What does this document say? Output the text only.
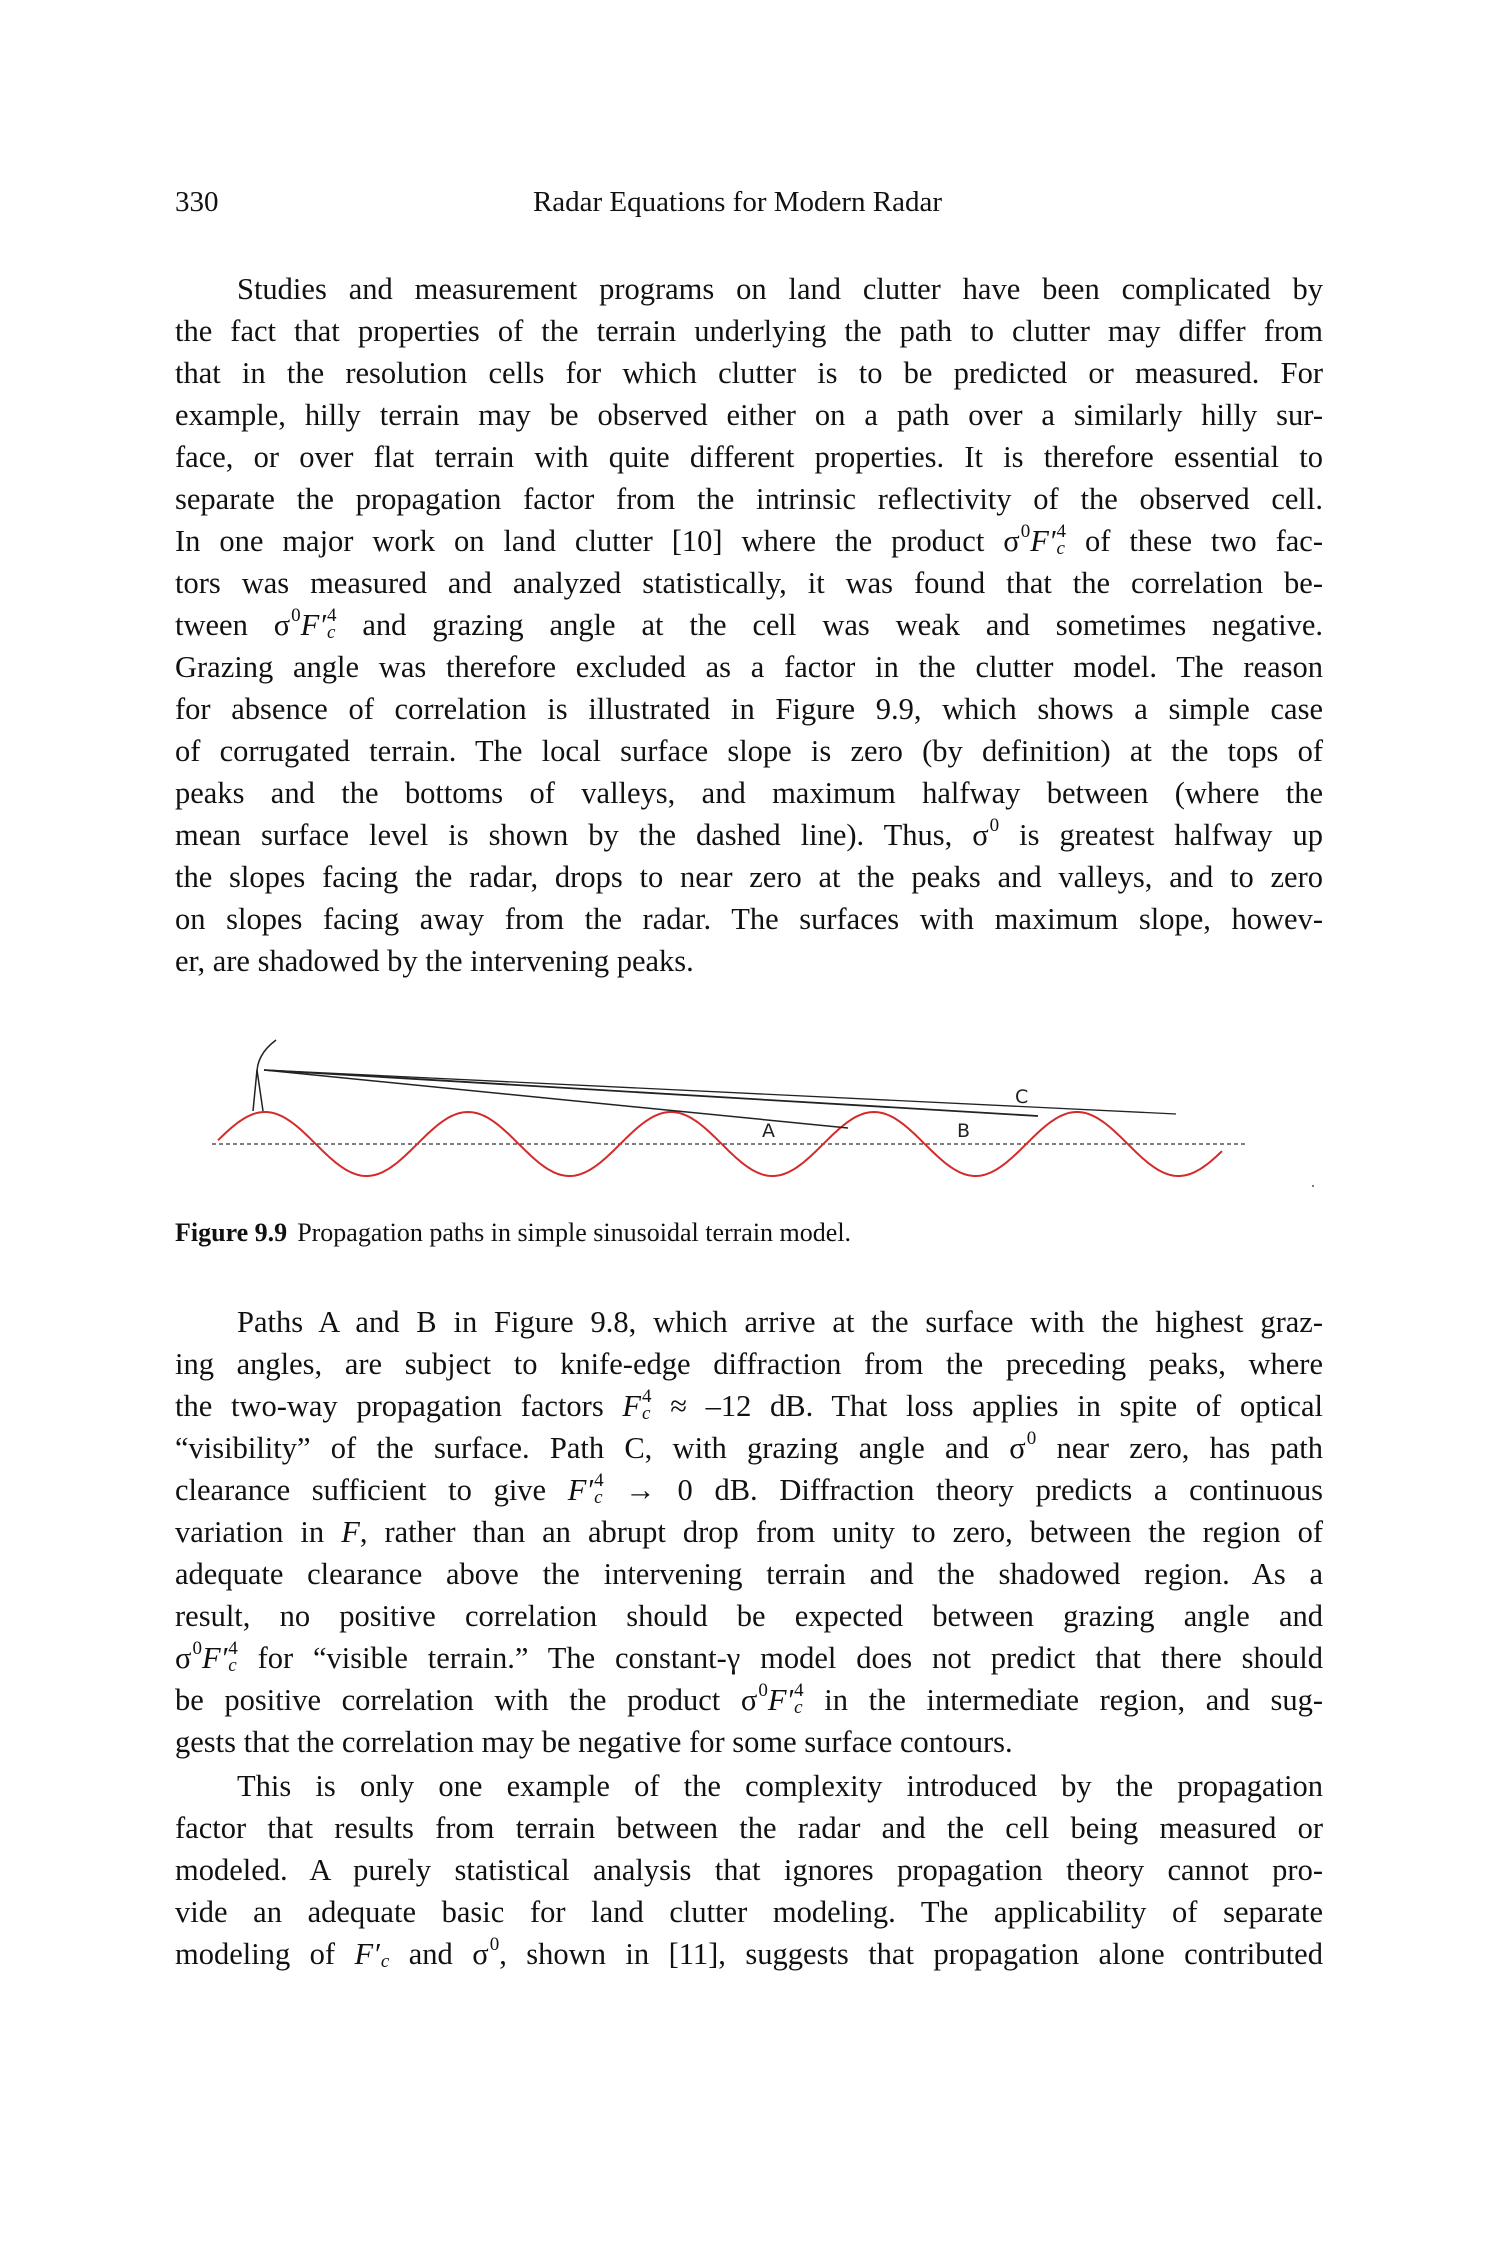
330	Radar Equations for Modern Radar
Studies and measurement programs on land clutter have been complicated by
the fact that properties of the terrain underlying the path to clutter may differ from
that in the resolution cells for which clutter is to be predicted or measured. For
example, hilly terrain may be observed either on a path over a similarly hilly sur-
face, or over flat terrain with quite different properties. It is therefore essential to
separate the propagation factor from the intrinsic reflectivity of the observed cell.
In one major work on land clutter [10] where the product σ 0
F′ 4
c of these two fac-
tors was measured and analyzed statistically, it was found that the correlation be-
tween σ 0
F′ 4
c and grazing angle at the cell was weak and sometimes negative.
Grazing angle was therefore excluded as a factor in the clutter model. The reason
for absence of correlation is illustrated in Figure 9.9, which shows a simple case
of corrugated terrain. The local surface slope is zero (by definition) at the tops of
peaks and the bottoms of valleys, and maximum halfway between (where the
mean surface level is shown by the dashed line). Thus, σ 0
is greatest halfway up
the slopes facing the radar, drops to near zero at the peaks and valleys, and to zero
on slopes facing away from the radar. The surfaces with maximum slope, howev-
er, are shadowed by the intervening peaks.
A	B
C
Figure 9.9 Propagation paths in simple sinusoidal terrain model.
Paths A and B in Figure 9.8, which arrive at the surface with the highest graz-
ing angles, are subject to knife-edge diffraction from the preceding peaks, where
the two-way propagation factors F 4
c ≈ –12 dB. That loss applies in spite of optical
“visibility” of the surface. Path C, with grazing angle and σ 0
near zero, has path
clearance sufficient to give F′ 4
c → 0 dB. Diffraction theory predicts a continuous
variation in F, rather than an abrupt drop from unity to zero, between the region of
adequate clearance above the intervening terrain and the shadowed region. As a
result, no positive correlation should be expected between grazing angle and
σ 0
F′ 4
c for “visible terrain.” The constant-γ model does not predict that there should
be positive correlation with the product σ 0
F′ 4
c in the intermediate region, and sug-
gests that the correlation may be negative for some surface contours.
This is only one example of the complexity introduced by the propagation
factor that results from terrain between the radar and the cell being measured or
modeled. A purely statistical analysis that ignores propagation theory cannot pro-
vide an adequate basic for land clutter modeling. The applicability of separate
modeling of F′
c and σ 0
, shown in [11], suggests that propagation alone contributed
